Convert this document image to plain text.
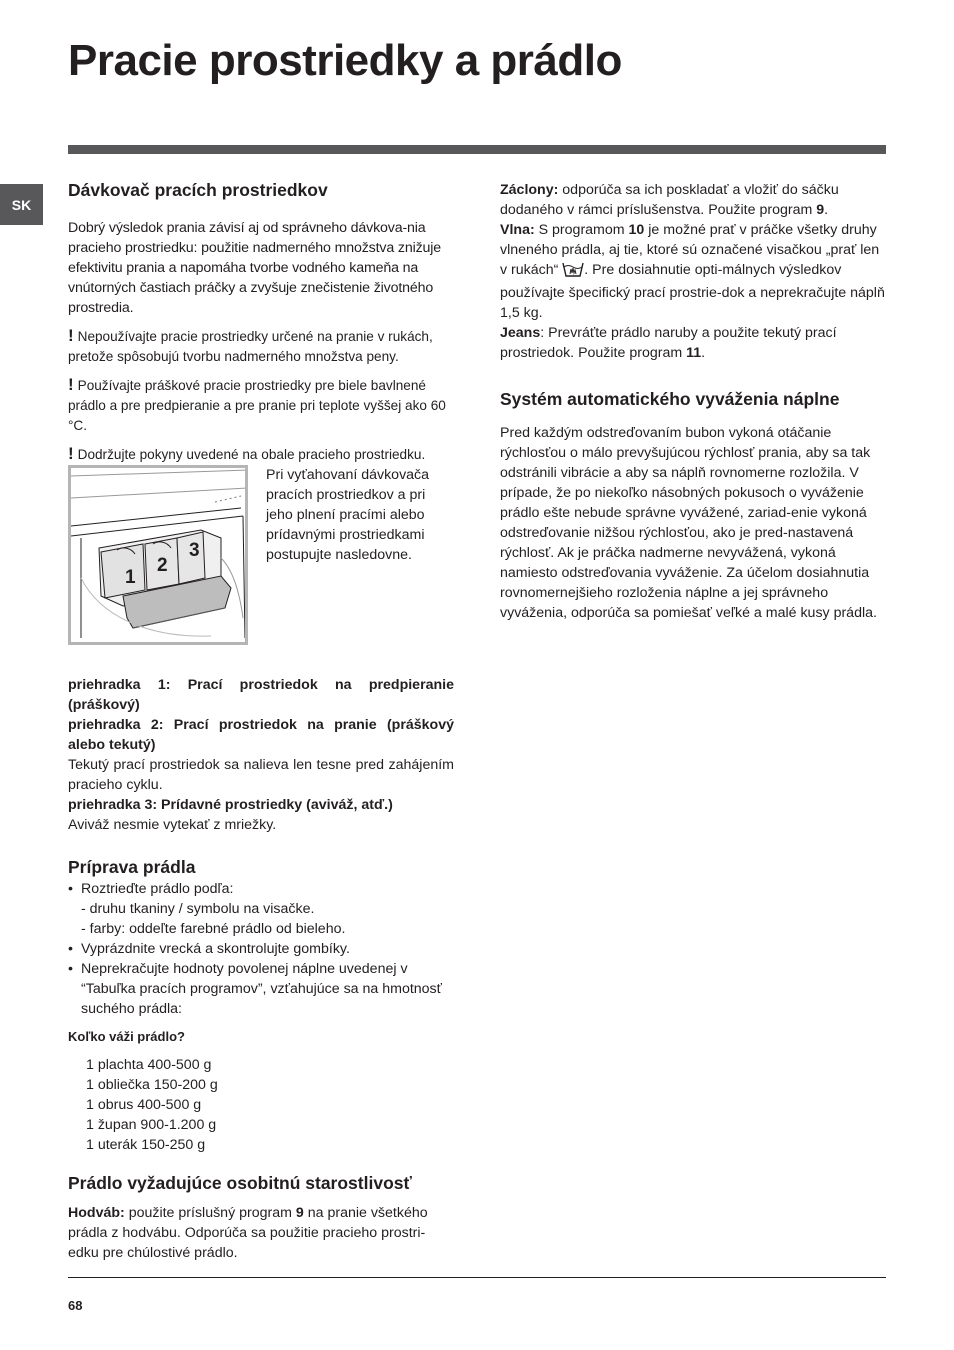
Pracie prostriedky a prádlo
SK
Dávkovač pracích prostriedkov

Dobrý výsledok prania závisí aj od správneho dávkova-nia pracieho prostriedku: použitie nadmerného množstva znižuje efektivitu prania a napomáha tvorbe vodného kameňa na vnútorných častiach práčky a zvyšuje znečistenie životného prostredia.

! Nepoužívajte pracie prostriedky určené na pranie v rukách, pretože spôsobujú tvorbu nadmerného množstva peny.

! Používajte práškové pracie prostriedky pre biele bavlnené prádlo a pre predpieranie a pre pranie pri teplote vyššej ako 60 °C.

! Dodržujte pokyny uvedené na obale pracieho prostriedku.

1
2
3
Pri vyťahovaní dávkovača pracích prostriedkov a pri jeho plnení pracími alebo prídavnými prostriedkami postupujte nasledovne.

priehradka 1: Prací prostriedok na predpieranie (práškový)

priehradka 2: Prací prostriedok na pranie (práškový alebo tekutý)

Tekutý prací prostriedok sa nalieva len tesne pred zahájením pracieho cyklu.

priehradka 3: Prídavné prostriedky (aviváž, atď.)

Aviváž nesmie vytekať z mriežky.

Príprava prádla
• Roztrieďte prádlo podľa:
- druhu tkaniny / symbolu na visačke.
- farby: oddeľte farebné prádlo od bieleho.
• Vyprázdnite vrecká a skontrolujte gombíky.
• Neprekračujte hodnoty povolenej náplne uvedenej v “Tabuľka pracích programov”, vzťahujúce sa na hmotnosť suchého prádla:

Koľko váži prádlo?

1 plachta 400-500 g
1 obliečka 150-200 g
1 obrus 400-500 g
1 župan 900-1.200 g
1 uterák 150-250 g
Prádlo vyžadujúce osobitnú starostlivosť

Hodváb: použite príslušný program 9 na pranie všetkého prádla z hodvábu. Odporúča sa použitie pracieho prostri-edku pre chúlostivé prádlo.

Záclony: odporúča sa ich poskladať a vložiť do sáčku dodaného v rámci príslušenstva. Použite program 9.

Vlna: S programom 10 je možné prať v práčke všetky druhy vlneného prádla, aj tie, ktoré sú označené visačkou „prať len v rukách“ . Pre dosiahnutie opti-málnych výsledkov používajte špecifický prací prostrie-dok a neprekračujte náplň 1,5 kg.

Jeans: Prevráťte prádlo naruby a použite tekutý prací prostriedok. Použite program 11.

Systém automatického vyváženia náplne

Pred každým odstreďovaním bubon vykoná otáčanie rýchlosťou o málo prevyšujúcou rýchlosť prania, aby sa tak odstránili vibrácie a aby sa náplň rovnomerne rozložila. V prípade, že po niekoľko násobných pokusoch o vyváženie prádlo ešte nebude správne vyvážené, zariad-enie vykoná odstreďovanie nižšou rýchlosťou, ako je pred-nastavená rýchlosť. Ak je práčka nadmerne nevyvážená, vykoná namiesto odstreďovania vyváženie. Za účelom dosiahnutia rovnomernejšieho rozloženia náplne a jej správneho vyváženia, odporúča sa pomiešať veľké a malé kusy prádla.

68
